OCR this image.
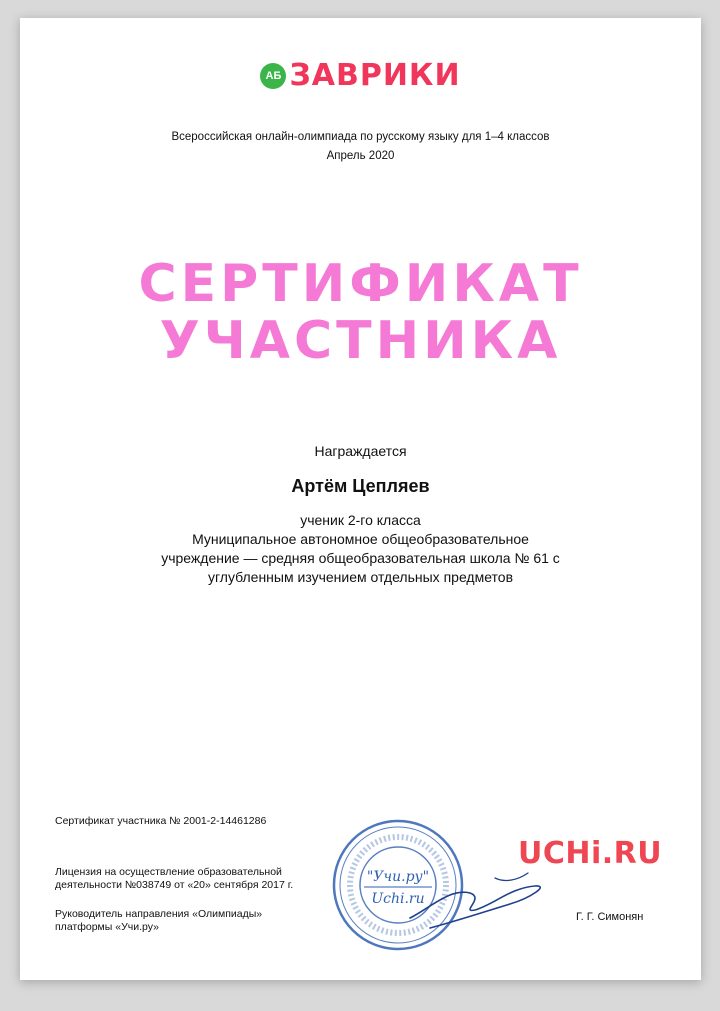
АБ ЗАВРИКИ
Всероссийская онлайн-олимпиада по русскому языку для 1–4 классов
Апрель 2020
СЕРТИФИКАТ
УЧАСТНИКА
Награждается
Артём Цепляев
ученик 2-го класса
Муниципальное автономное общеобразовательное
учреждение — средняя общеобразовательная школа № 61 с
углубленным изучением отдельных предметов
Сертификат участника № 2001-2-14461286
Лицензия на осуществление образовательной
деятельности №038749 от «20» сентября 2017 г.
Руководитель направления «Олимпиады»
платформы «Учи.ру»
"Учи.ру"
Uchi.ru
UCHi.RU
Г. Г. Симонян
